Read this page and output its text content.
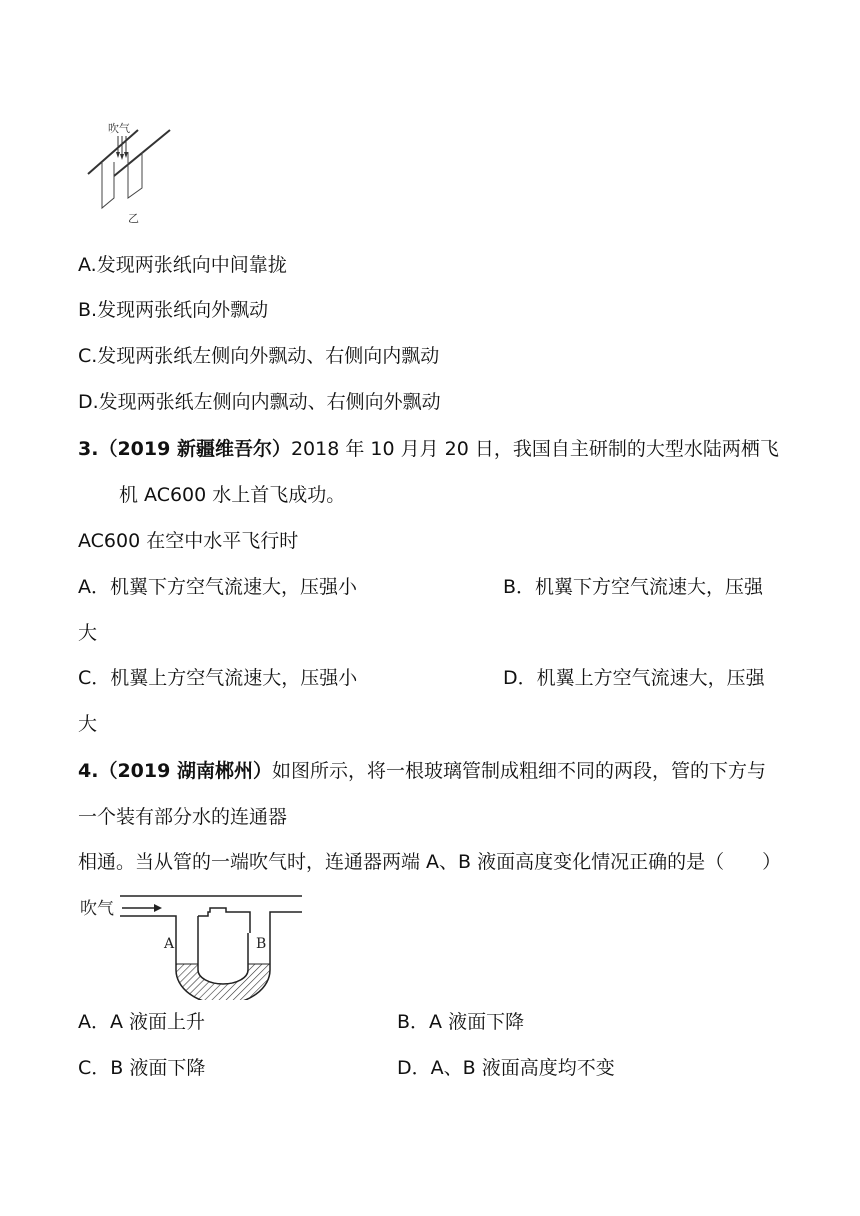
吹气
乙
A.发现两张纸向中间靠拢
B.发现两张纸向外飘动
C.发现两张纸左侧向外飘动、右侧向内飘动
D.发现两张纸左侧向内飘动、右侧向外飘动
3.（2019 新疆维吾尔）2018 年 10 月月 20 日，我国自主研制的大型水陆两栖飞
机 AC600 水上首飞成功。
AC600 在空中水平飞行时
A．机翼下方空气流速大，压强小	B．机翼下方空气流速大，压强
大
C．机翼上方空气流速大，压强小	D．机翼上方空气流速大，压强
大
4.（2019 湖南郴州）如图所示，将一根玻璃管制成粗细不同的两段，管的下方与
一个装有部分水的连通器
相通。当从管的一端吹气时，连通器两端 A、B 液面高度变化情况正确的是（　　）
吹气
A	B
A．A 液面上升	B．A 液面下降
C．B 液面下降	D．A、B 液面高度均不变
